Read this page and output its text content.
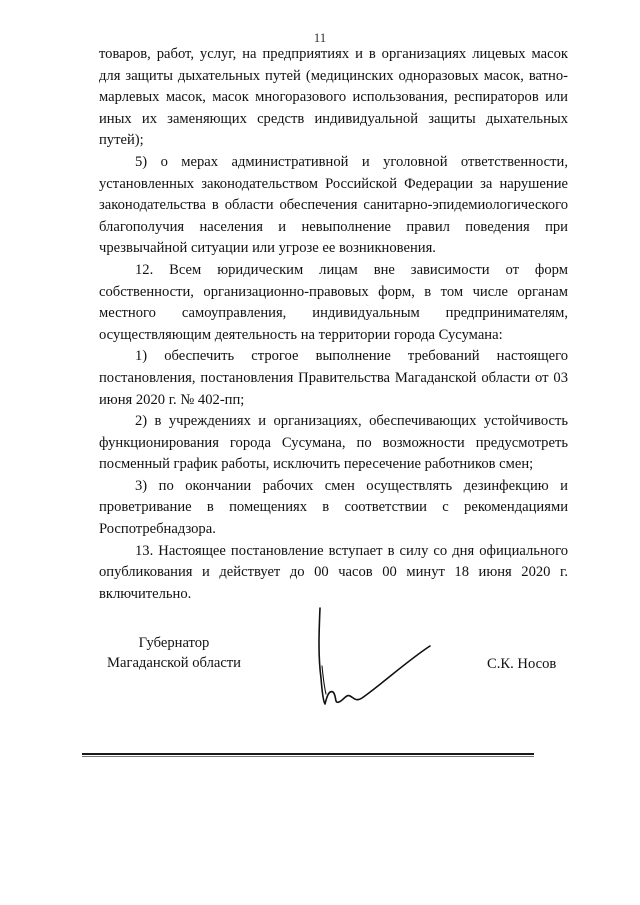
11

товаров, работ, услуг, на предприятиях и в организациях лицевых масок для защиты дыхательных путей (медицинских одноразовых масок, ватно-марлевых масок, масок многоразового использования, респираторов или иных их заменяющих средств индивидуальной защиты дыхательных путей);

5) о мерах административной и уголовной ответственности, установленных законодательством Российской Федерации за нарушение законодательства в области обеспечения санитарно-эпидемиологического благополучия населения и невыполнение правил поведения при чрезвычайной ситуации или угрозе ее возникновения.

12. Всем юридическим лицам вне зависимости от форм собственности, организационно-правовых форм, в том числе органам местного самоуправления, индивидуальным предпринимателям, осуществляющим деятельность на территории города Сусумана:

1) обеспечить строгое выполнение требований настоящего постановления, постановления Правительства Магаданской области от 03 июня 2020 г. № 402-пп;

2) в учреждениях и организациях, обеспечивающих устойчивость функционирования города Сусумана, по возможности предусмотреть посменный график работы, исключить пересечение работников смен;

3) по окончании рабочих смен осуществлять дезинфекцию и проветривание в помещениях в соответствии с рекомендациями Роспотребнадзора.

13. Настоящее постановление вступает в силу со дня официального опубликования и действует до 00 часов 00 минут 18 июня 2020 г. включительно.

Губернатор
Магаданской области	С.К. Носов
